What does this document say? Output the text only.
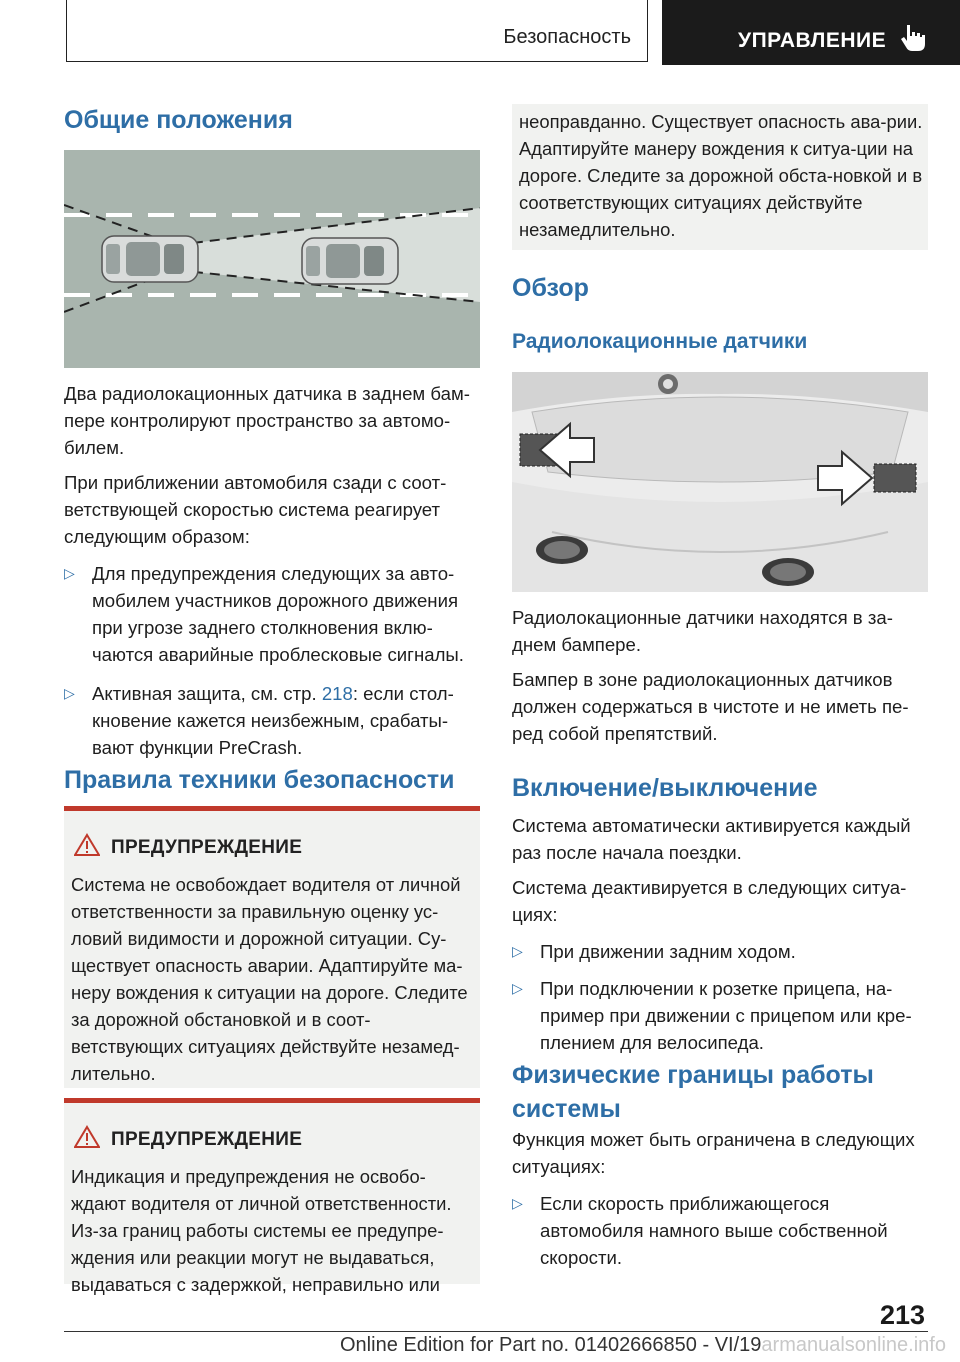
Безопасность	УПРАВЛЕНИЕ
Общие положения

Два радиолокационных датчика в заднем бам-пере контролируют пространство за автомо-билем.

При приближении автомобиля сзади с соот-ветствующей скоростью система реагирует следующим образом:

▷ Для предупреждения следующих за авто-мобилем участников дорожного движения при угрозе заднего столкновения вклю-чаются аварийные проблесковые сигналы.
▷ Активная защита, см. стр. 218: если стол-кновение кажется неизбежным, срабаты-вают функции PreCrash.
Правила техники безопасности
ПРЕДУПРЕЖДЕНИЕ
Система не освобождает водителя от личной ответственности за правильную оценку ус-ловий видимости и дорожной ситуации. Су-ществует опасность аварии. Адаптируйте ма-неру вождения к ситуации на дороге. Следите за дорожной обстановкой и в соот-ветствующих ситуациях действуйте незамед-лительно.
ПРЕДУПРЕЖДЕНИЕ
Индикация и предупреждения не освобо-ждают водителя от личной ответственности. Из-за границ работы системы ее предупре-ждения или реакции могут не выдаваться, выдаваться с задержкой, неправильно или

неоправданно. Существует опасность ава-рии. Адаптируйте манеру вождения к ситуа-ции на дороге. Следите за дорожной обста-новкой и в соответствующих ситуациях действуйте незамедлительно.

Обзор
Радиолокационные датчики

Радиолокационные датчики находятся в за-днем бампере.

Бампер в зоне радиолокационных датчиков должен содержаться в чистоте и не иметь пе-ред собой препятствий.

Включение/выключение

Система автоматически активируется каждый раз после начала поездки.

Система деактивируется в следующих ситуа-циях:

▷ При движении задним ходом.
▷ При подключении к розетке прицепа, на-пример при движении с прицепом или кре-плением для велосипеда.
Физические границы работы системы

Функция может быть ограничена в следующих ситуациях:

▷ Если скорость приближающегося автомобиля намного выше собственной скорости.
213
Online Edition for Part no. 01402666850 - VI/19armanualsonline.info
